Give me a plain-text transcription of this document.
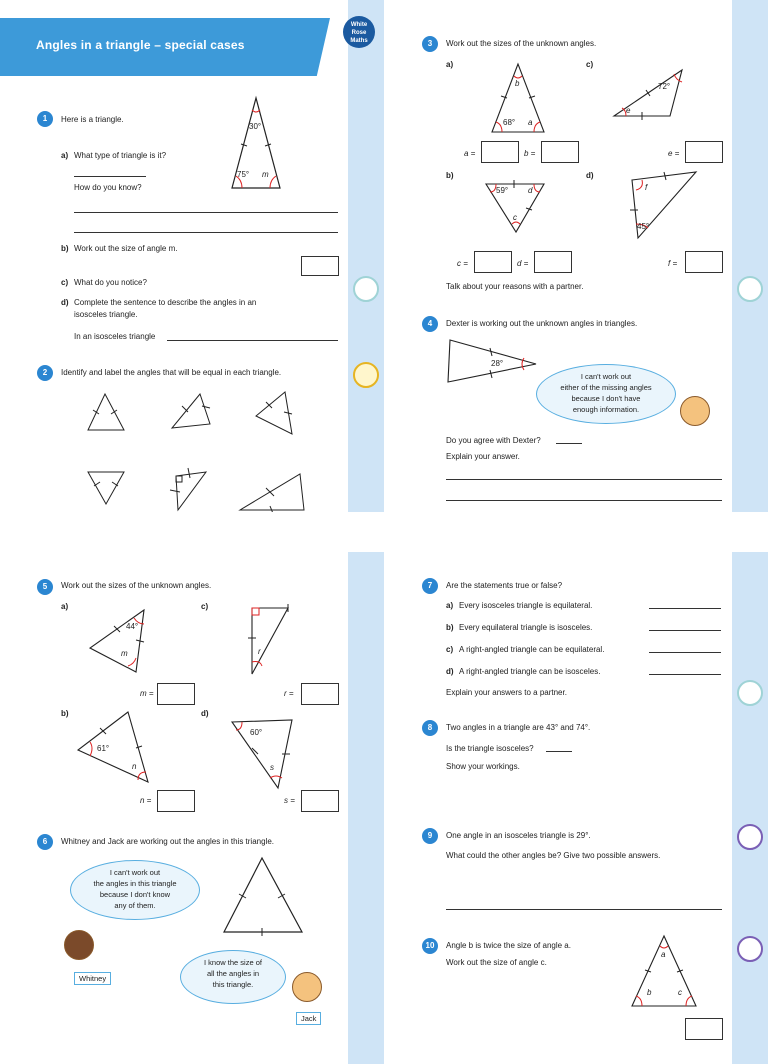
Angles in a triangle – special cases
White
Rose
Maths
1	Here is a triangle.
30°
75° m
a) What type of triangle is it?
How do you know?
b) Work out the size of angle m.
c) What do you notice?
d) Complete the sentence to describe the angles in an
isosceles triangle.
In an isosceles triangle
2	Identify and label the angles that will be equal in each triangle.
3	Work out the sizes of the unknown angles.
a)	c)
b)	d)
b
68° a
72°
e
a =	b =	e =
59° d
c
f
45°
c =	d =	f =
Talk about your reasons with a partner.
4	Dexter is working out the unknown angles in triangles.
28°
I can't work out
either of the missing angles
because I don't have
enough information.
Do you agree with Dexter?
Explain your answer.
5	Work out the sizes of the unknown angles.
a)	c)
b)	d)
44°
m	r
m =	r =
61°
n
60°
s
n =	s =
6	Whitney and Jack are working out the angles in this triangle.
I can't work out
the angles in this triangle
because I don't know
any of them.
Whitney
I know the size of
all the angles in
this triangle.
Jack
7	Are the statements true or false?
a) Every isosceles triangle is equilateral.
b) Every equilateral triangle is isosceles.
c) A right-angled triangle can be equilateral.
d) A right-angled triangle can be isosceles.
Explain your answers to a partner.
8	Two angles in a triangle are 43° and 74°.
Is the triangle isosceles?
Show your workings.
9	One angle in an isosceles triangle is 29°.
What could the other angles be? Give two possible answers.
10	Angle b is twice the size of angle a.
Work out the size of angle c.
a
b	c
